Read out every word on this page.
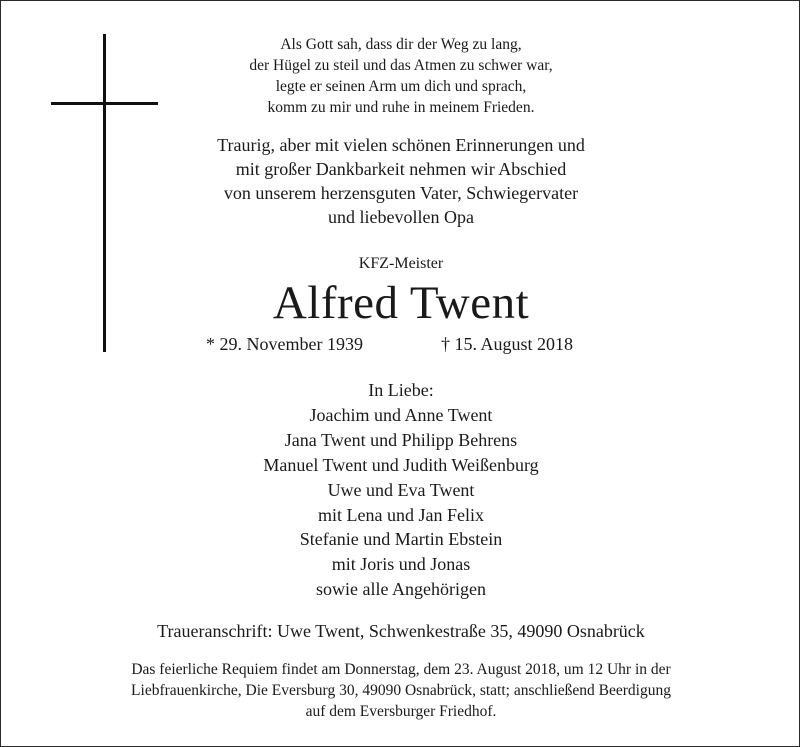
Als Gott sah, dass dir der Weg zu lang,
der Hügel zu steil und das Atmen zu schwer war,
legte er seinen Arm um dich und sprach,
komm zu mir und ruhe in meinem Frieden.
Traurig, aber mit vielen schönen Erinnerungen und
mit großer Dankbarkeit nehmen wir Abschied
von unserem herzensguten Vater, Schwiegervater
und liebevollen Opa
KFZ-Meister
Alfred Twent
* 29. November 1939	† 15. August 2018
In Liebe:
Joachim und Anne Twent
Jana Twent und Philipp Behrens
Manuel Twent und Judith Weißenburg
Uwe und Eva Twent
mit Lena und Jan Felix
Stefanie und Martin Ebstein
mit Joris und Jonas
sowie alle Angehörigen
Traueranschrift: Uwe Twent, Schwenkestraße 35, 49090 Osnabrück
Das feierliche Requiem findet am Donnerstag, dem 23. August 2018, um 12 Uhr in der
Liebfrauenkirche, Die Eversburg 30, 49090 Osnabrück, statt; anschließend Beerdigung
auf dem Eversburger Friedhof.
